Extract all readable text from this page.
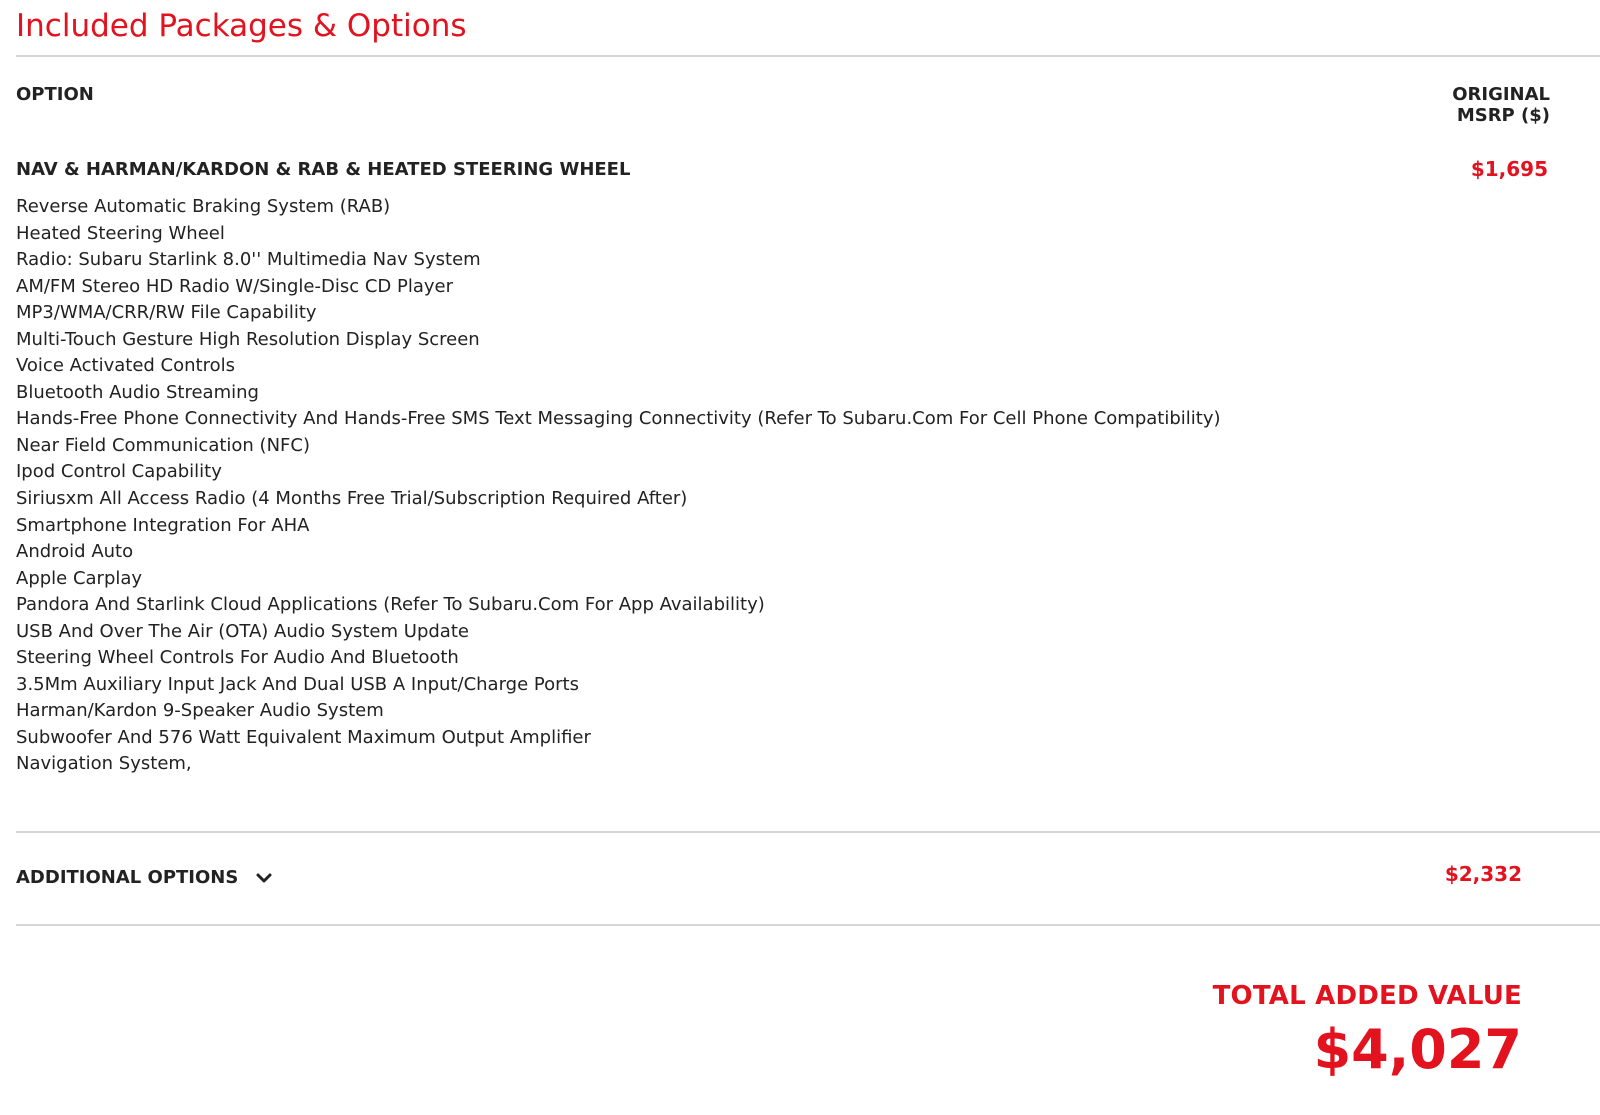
Included Packages & Options
OPTION	ORIGINAL
MSRP ($)
NAV & HARMAN/KARDON & RAB & HEATED STEERING WHEEL	$1,695
Reverse Automatic Braking System (RAB)
Heated Steering Wheel
Radio: Subaru Starlink 8.0'' Multimedia Nav System
AM/FM Stereo HD Radio W/Single-Disc CD Player
MP3/WMA/CRR/RW File Capability
Multi-Touch Gesture High Resolution Display Screen
Voice Activated Controls
Bluetooth Audio Streaming
Hands-Free Phone Connectivity And Hands-Free SMS Text Messaging Connectivity (Refer To Subaru.Com For Cell Phone Compatibility)
Near Field Communication (NFC)
Ipod Control Capability
Siriusxm All Access Radio (4 Months Free Trial/Subscription Required After)
Smartphone Integration For AHA
Android Auto
Apple Carplay
Pandora And Starlink Cloud Applications (Refer To Subaru.Com For App Availability)
USB And Over The Air (OTA) Audio System Update
Steering Wheel Controls For Audio And Bluetooth
3.5Mm Auxiliary Input Jack And Dual USB A Input/Charge Ports
Harman/Kardon 9-Speaker Audio System
Subwoofer And 576 Watt Equivalent Maximum Output Amplifier
Navigation System,
ADDITIONAL OPTIONS	$2,332
TOTAL ADDED VALUE
$4,027
